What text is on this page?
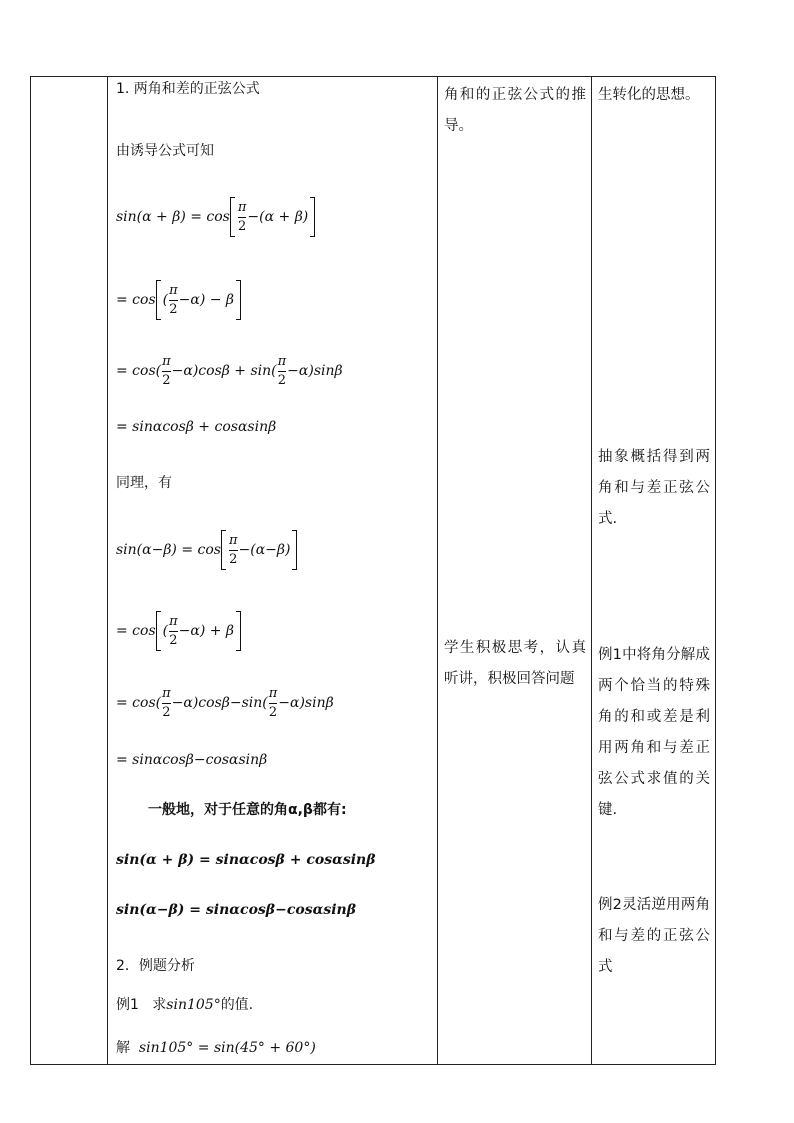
1. 两角和差的正弦公式
由诱导公式可知
$\sin(\alpha + \beta) = \cos \frac{\pi}{2} -(\alpha + \beta)$
= cos ( $\frac{\pi}{2} -\alpha) - \beta$
= $\cos( \frac{\pi}{2} -\alpha)\cos\beta + \sin( \frac{\pi}{2} -\alpha)\sin\beta$
= sinαcosβ + cosαsinβ
同理，有
$\sin(\alpha-\beta) = \cos \frac{\pi}{2} -(\alpha-\beta)$
= cos ( $\frac{\pi}{2} -\alpha) + \beta$
= $\cos( \frac{\pi}{2} -\alpha)\cos\beta-\sin( \frac{\pi}{2} -\alpha)\sin\beta$
= sinαcosβ−cosαsinβ
一般地，对于任意的角α,β都有:
sin(α + β) = sinαcosβ + cosαsinβ
sin(α−β) = sinαcosβ−cosαsinβ
2．例题分析
例1 求sin105°的值.
解 sin105° = sin(45° + 60°)
角和的正弦公式的推导。
学生积极思考，认真听讲，积极回答问题
生转化的思想。
抽象概括得到两角和与差正弦公式.
例1中将角分解成两个恰当的特殊角的和或差是利用两角和与差正弦公式求值的关键.
例2灵活逆用两角和与差的正弦公式
